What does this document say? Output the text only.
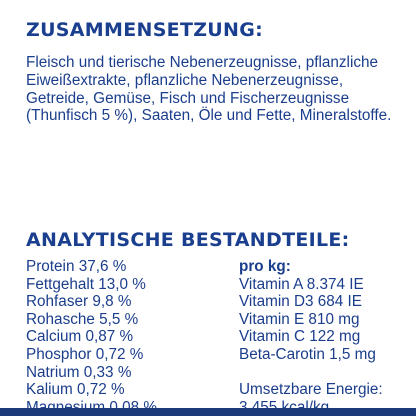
ZUSAMMENSETZUNG:

Fleisch und tierische Nebenerzeugnisse, pflanzliche
Eiweißextrakte, pflanzliche Nebenerzeugnisse,
Getreide, Gemüse, Fisch und Fischerzeugnisse
(Thunfisch 5 %), Saaten, Öle und Fette, Mineralstoffe.

ANALYTISCHE BESTANDTEILE:
Protein 37,6 %
Fettgehalt 13,0 %
Rohfaser 9,8 %
Rohasche 5,5 %
Calcium 0,87 %
Phosphor 0,72 %
Natrium 0,33 %
Kalium 0,72 %
pro kg:
Vitamin A 8.374 IE
Vitamin D3 684 IE
Vitamin E 810 mg
Vitamin C 122 mg
Beta-Carotin 1,5 mg
Umsetzbare Energie:
